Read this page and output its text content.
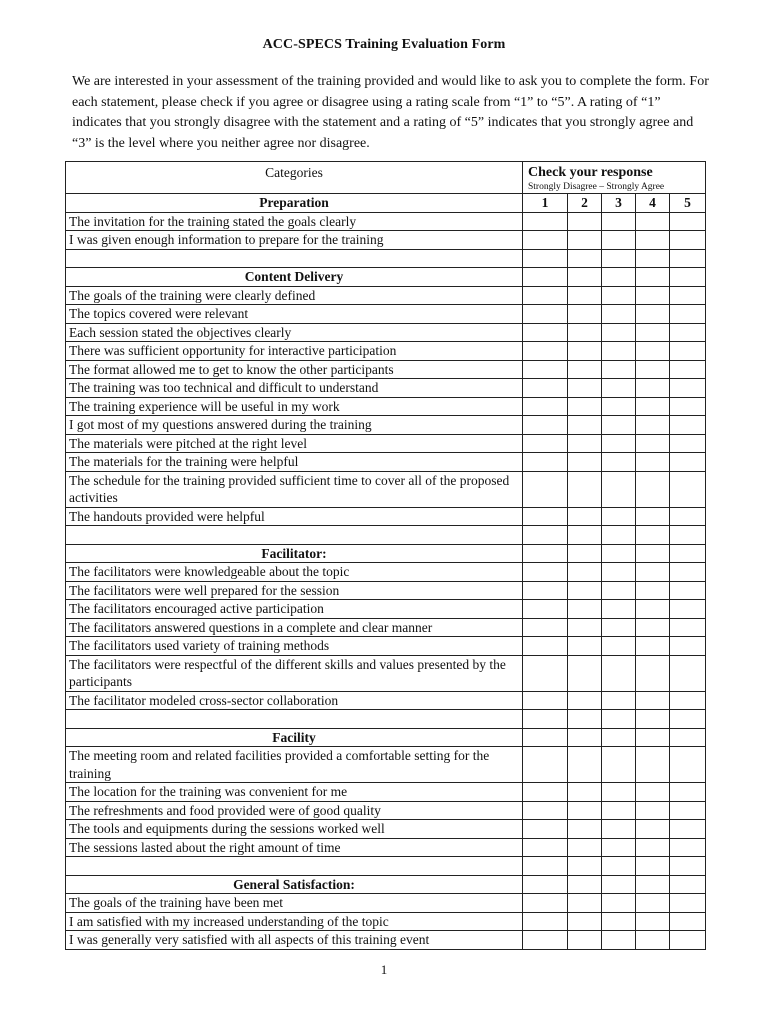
ACC-SPECS Training Evaluation Form

We are interested in your assessment of the training provided and would like to ask you to complete the form. For each statement, please check if you agree or disagree using a rating scale from “1” to “5”. A rating of “1” indicates that you strongly disagree with the statement and a rating of “5” indicates that you strongly agree and “3” is the level where you neither agree nor disagree.

Categories	Check your response
Strongly Disagree – Strongly Agree				

Preparation	1	2	3	4	5
The invitation for the training stated the goals clearly					
I was given enough information to prepare for the training					

Content Delivery					
The goals of the training were clearly defined					
The topics covered were relevant					
Each session stated the objectives clearly					
There was sufficient opportunity for interactive participation					
The format allowed me to get to know the other participants					
The training was too technical and difficult to understand					
The training experience will be useful in my work					
I got most of my questions answered during the training					
The materials were pitched at the right level					
The materials for the training were helpful					
The schedule for the training provided sufficient time to cover all of the proposed activities					
The handouts provided were helpful					

Facilitator:					
The facilitators were knowledgeable about the topic					
The facilitators were well prepared for the session					
The facilitators encouraged active participation					
The facilitators answered questions in a complete and clear manner					
The facilitators used variety of training methods					
The facilitators were respectful of the different skills and values presented by the participants					
The facilitator modeled cross-sector collaboration					

Facility					
The meeting room and related facilities provided a comfortable setting for the training					
The location for the training was convenient for me					
The refreshments and food provided were of good quality					
The tools and equipments during the sessions worked well					
The sessions lasted about the right amount of time					

General Satisfaction:					
The goals of the training have been met					
I am satisfied with my increased understanding of the topic					
I was generally very satisfied with all aspects of this training event					
1
